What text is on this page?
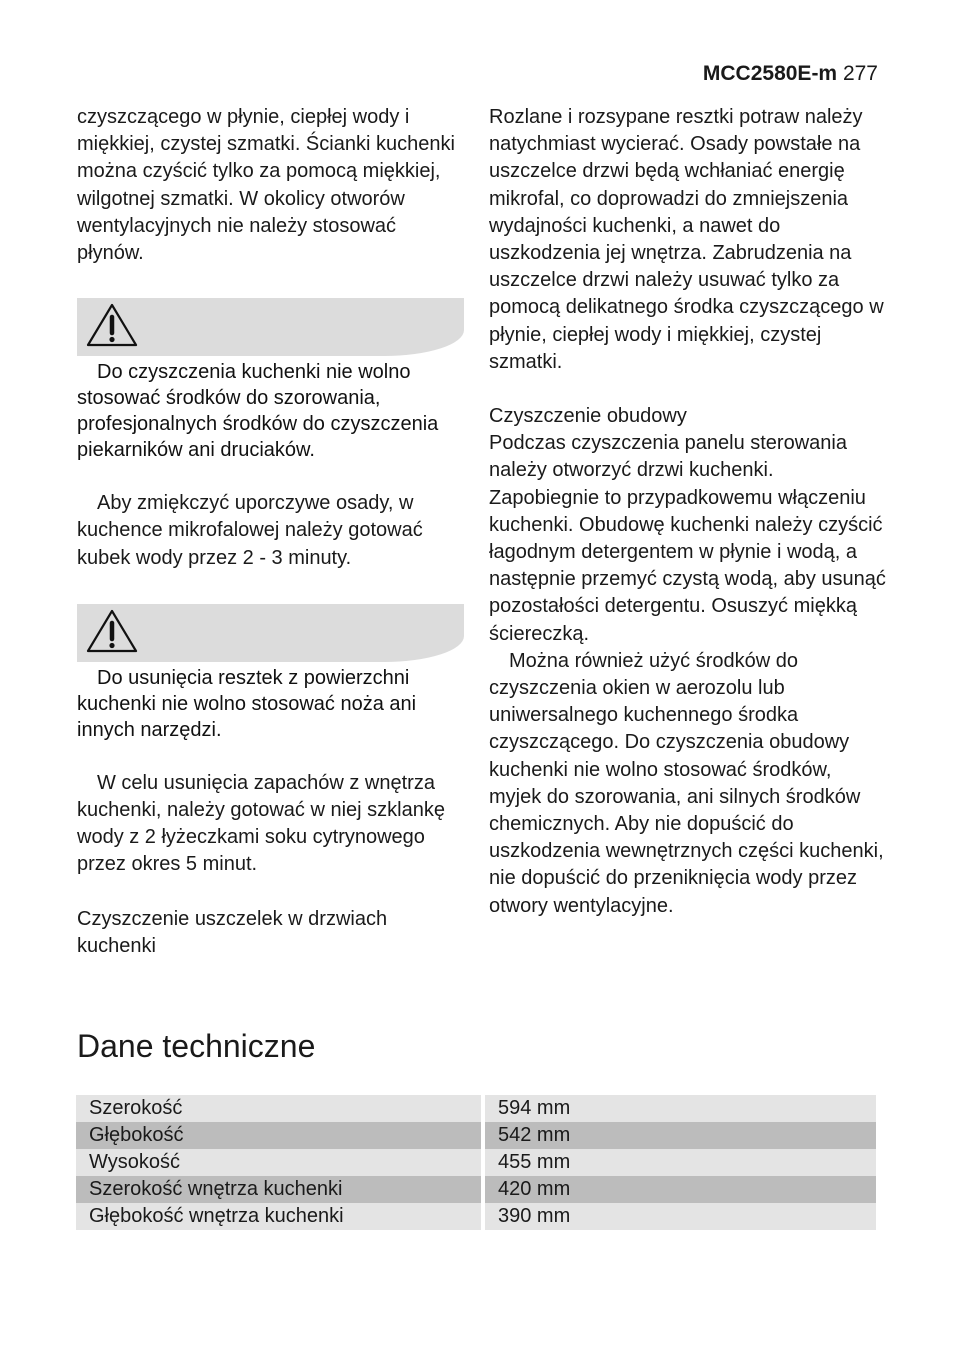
MCC2580E-m 277

czyszczącego w płynie, ciepłej wody i miękkiej, czystej szmatki. Ścianki kuchenki można czyścić tylko za pomocą miękkiej, wilgotnej szmatki. W okolicy otworów wentylacyjnych nie należy stosować płynów.

Do czyszczenia kuchenki nie wolno stosować środków do szorowania, profesjonalnych środków do czyszczenia piekarników ani druciaków.

Aby zmiękczyć uporczywe osady, w kuchence mikrofalowej należy gotować kubek wody przez 2 - 3 minuty.

Do usunięcia resztek z powierzchni kuchenki nie wolno stosować noża ani innych narzędzi.

W celu usunięcia zapachów z wnętrza kuchenki, należy gotować w niej szklankę wody z 2 łyżeczkami soku cytrynowego przez okres 5 minut.

Czyszczenie uszczelek w drzwiach kuchenki

Rozlane i rozsypane resztki potraw należy natychmiast wycierać. Osady powstałe na uszczelce drzwi będą wchłaniać energię mikrofal, co doprowadzi do zmniejszenia wydajności kuchenki, a nawet do uszkodzenia jej wnętrza. Zabrudzenia na uszczelce drzwi należy usuwać tylko za pomocą delikatnego środka czyszczącego w płynie, ciepłej wody i miękkiej, czystej szmatki.

Czyszczenie obudowy

Podczas czyszczenia panelu sterowania należy otworzyć drzwi kuchenki. Zapobiegnie to przypadkowemu włączeniu kuchenki. Obudowę kuchenki należy czyścić łagodnym detergentem w płynie i wodą, a następnie przemyć czystą wodą, aby usunąć pozostałości detergentu. Osuszyć miękką ściereczką.

Można również użyć środków do czyszczenia okien w aerozolu lub uniwersalnego kuchennego środka czyszczącego. Do czyszczenia obudowy kuchenki nie wolno stosować środków, myjek do szorowania, ani silnych środków chemicznych. Aby nie dopuścić do uszkodzenia wewnętrznych części kuchenki, nie dopuścić do przeniknięcia wody przez otwory wentylacyjne.

Dane techniczne
Szerokość	594 mm
Głębokość	542 mm
Wysokość	455 mm
Szerokość wnętrza kuchenki	420 mm
Głębokość wnętrza kuchenki	390 mm
